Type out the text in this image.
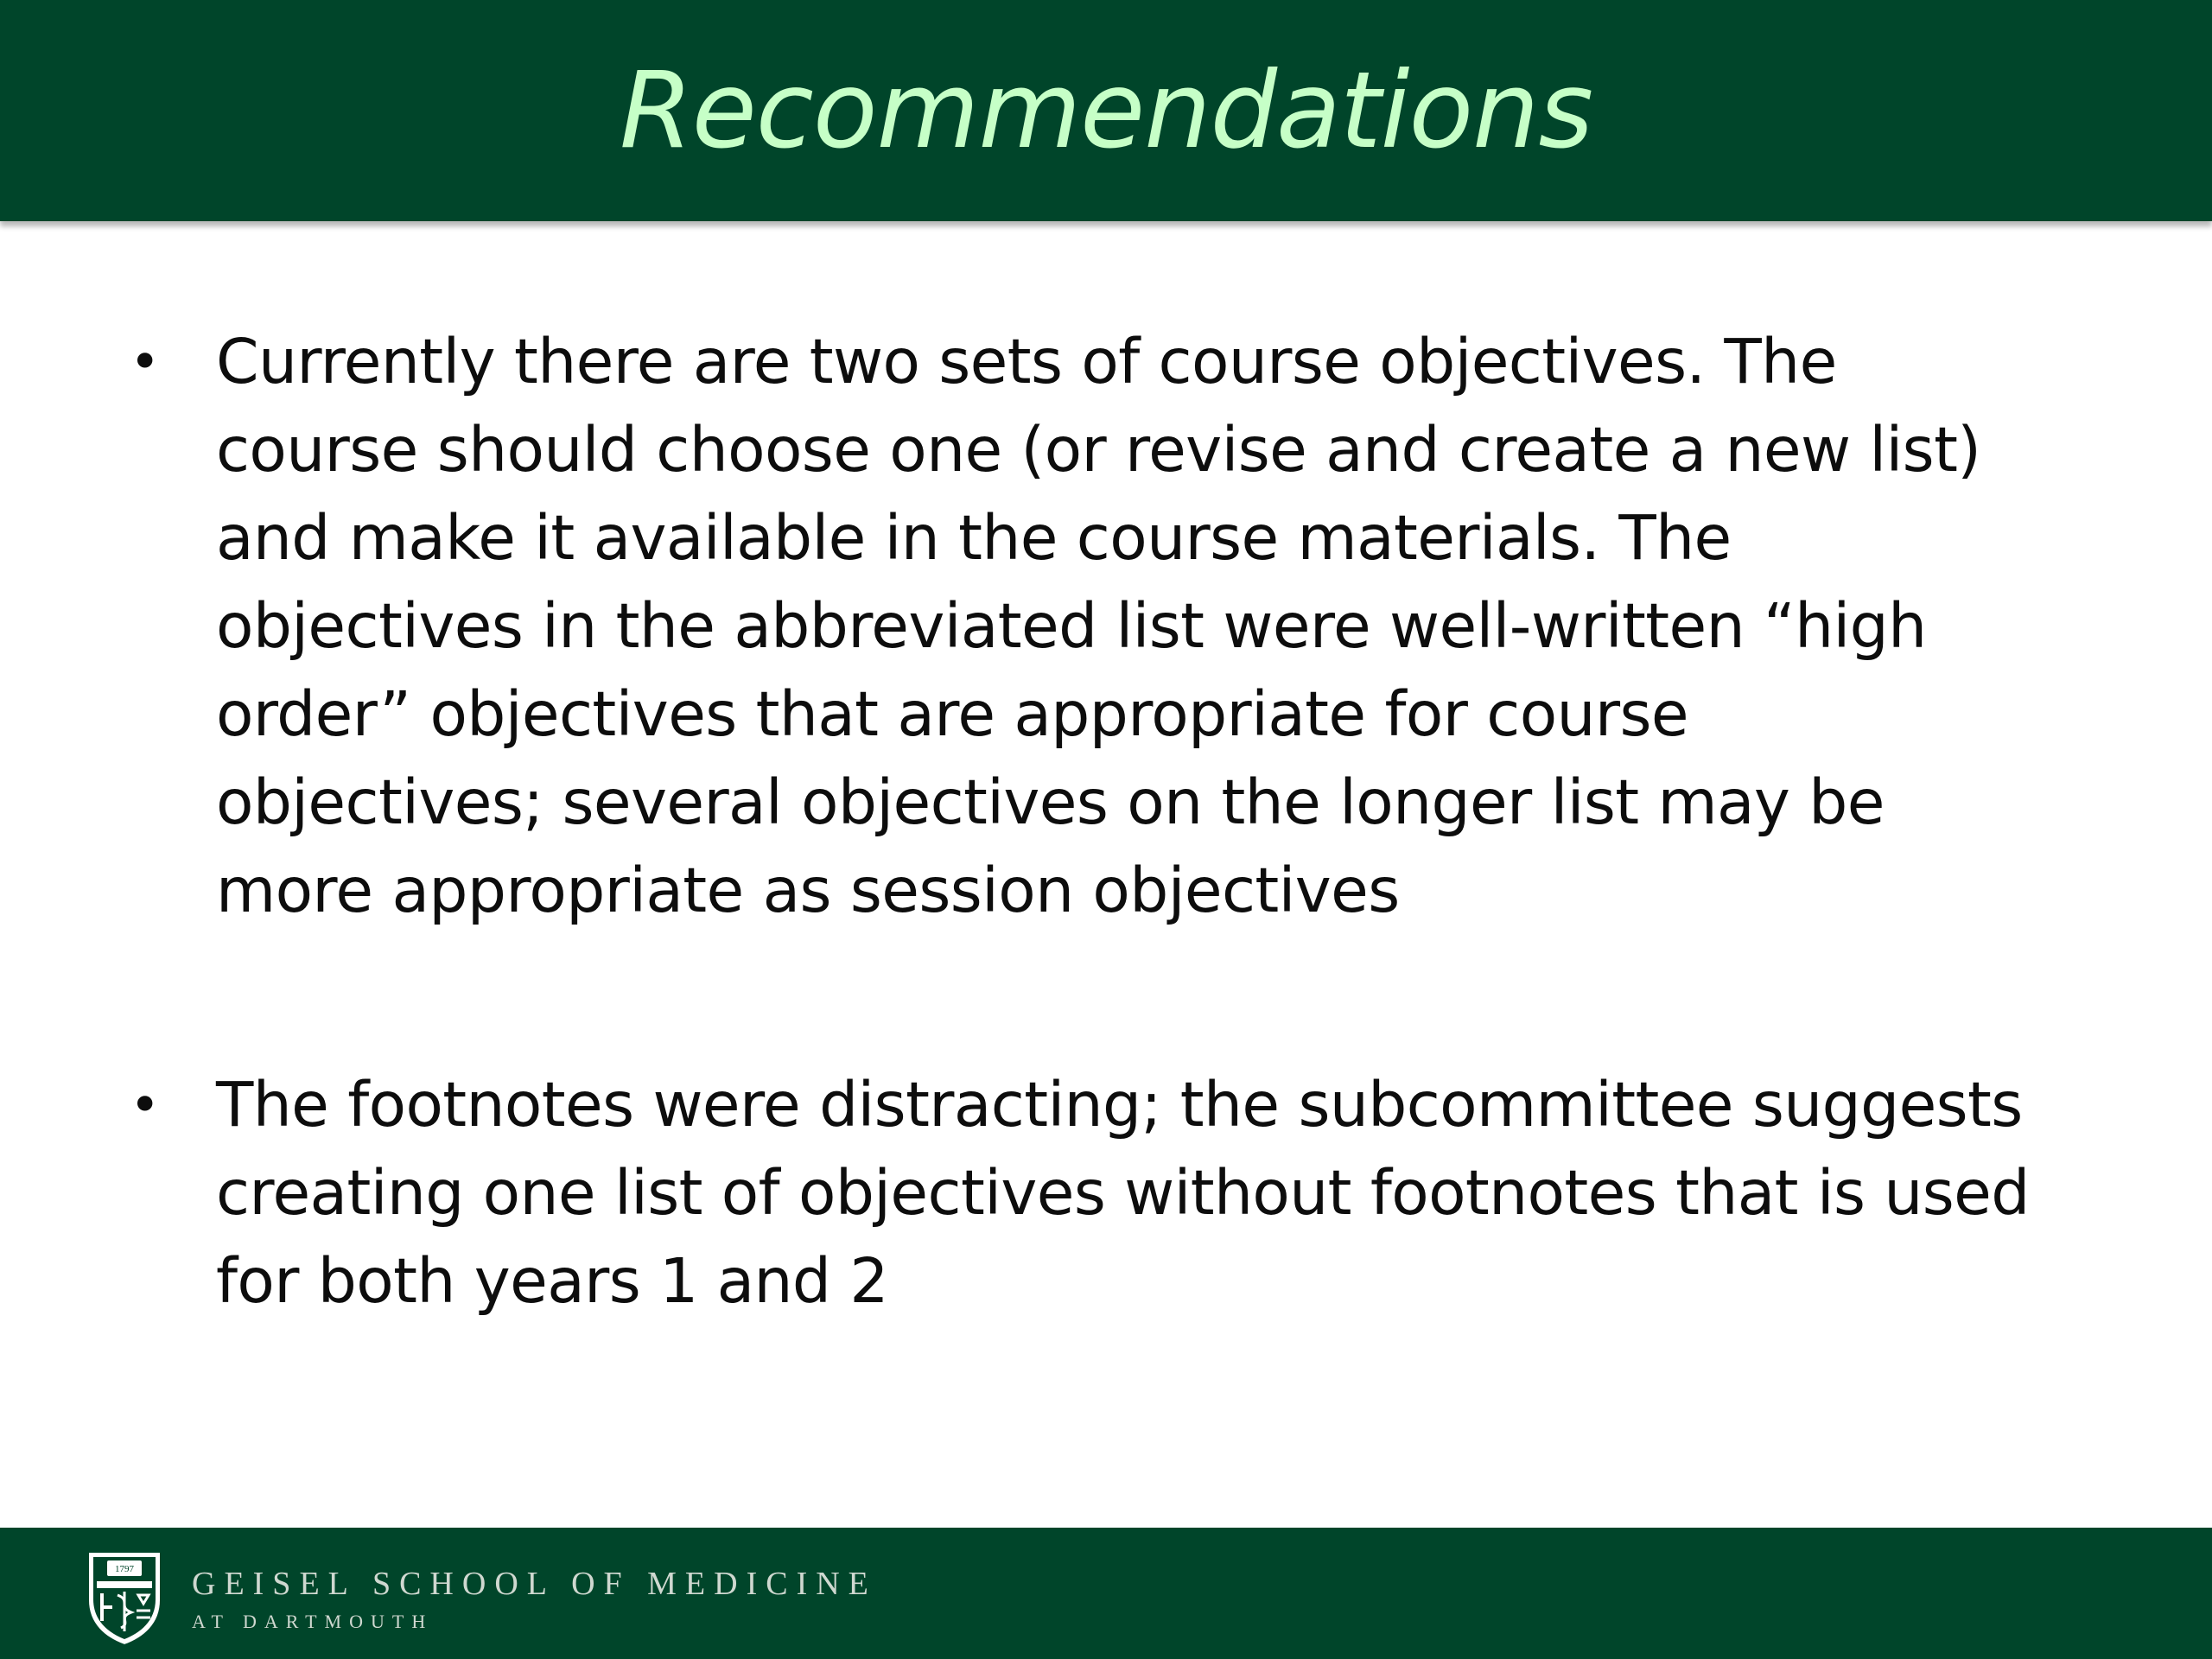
Recommendations
• Currently there are two sets of course objectives. The course should choose one (or revise and create a new list) and make it available in the course materials. The objectives in the abbreviated list were well-written “high order” objectives that are appropriate for course objectives; several objectives on the longer list may be more appropriate as session objectives
• The footnotes were distracting; the subcommittee suggests creating one list of objectives without footnotes that is used for both years 1 and 2
1797 GEISEL SCHOOL OF MEDICINE
AT DARTMOUTH
